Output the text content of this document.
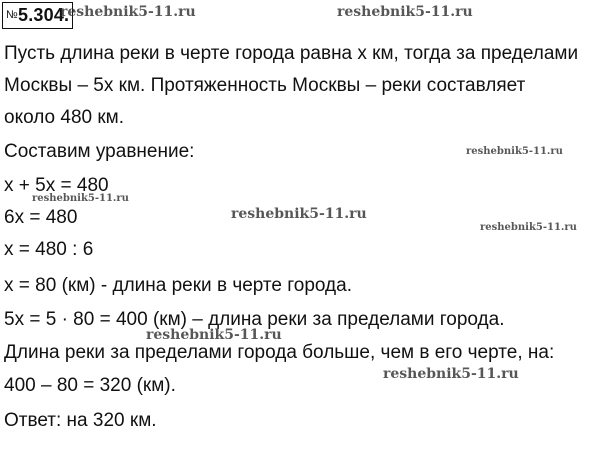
№5.304.
Пусть длина реки в черте города равна x км, тогда за пределами
Москвы – 5x км. Протяженность Москвы – реки составляет
около 480 км.
Составим уравнение:
x + 5x = 480
6x = 480
x = 480 : 6
x = 80 (км) - длина реки в черте города.
5x = 5 · 80 = 400 (км) – длина реки за пределами города.
Длина реки за пределами города больше, чем в его черте, на:
400 – 80 = 320 (км).
Ответ: на 320 км.
reshebnik5-11.ru	reshebnik5-11.ru
reshebnik5-11.ru
reshebnik5-11.ru
reshebnik5-11.ru
reshebnik5-11.ru
reshebnik5-11.ru
reshebnik5-11.ru
